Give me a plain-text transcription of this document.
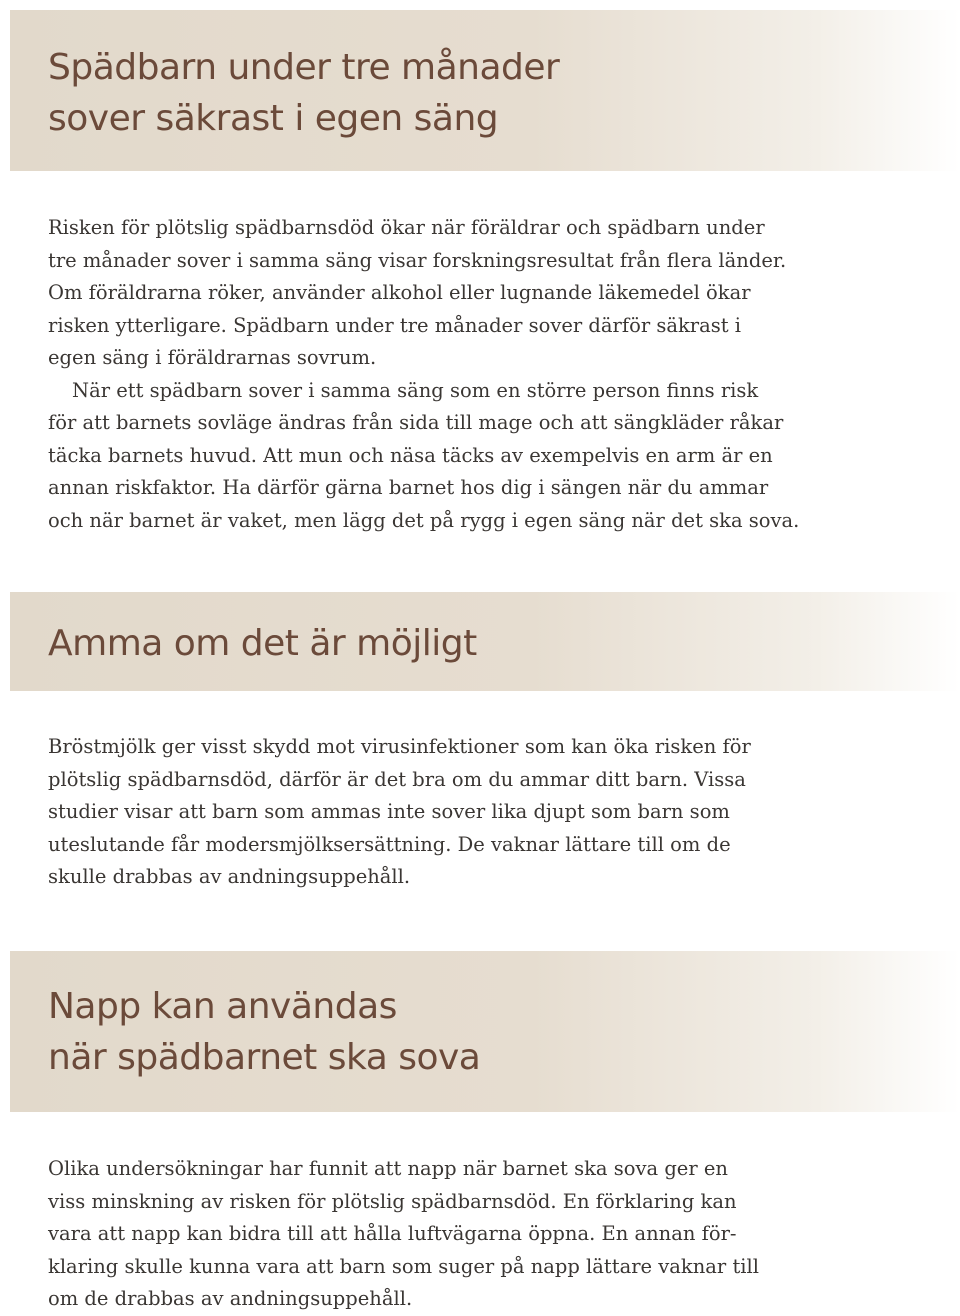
Spädbarn under tre månader
sover säkrast i egen säng
Risken för plötslig spädbarnsdöd ökar när föräldrar och spädbarn under
tre månader sover i samma säng visar forskningsresultat från flera länder.
Om föräldrarna röker, använder alkohol eller lugnande läkemedel ökar
risken ytterligare. Spädbarn under tre månader sover därför säkrast i
egen säng i föräldrarnas sovrum.
När ett spädbarn sover i samma säng som en större person finns risk
för att barnets sovläge ändras från sida till mage och att sängkläder råkar
täcka barnets huvud. Att mun och näsa täcks av exempelvis en arm är en
annan riskfaktor. Ha därför gärna barnet hos dig i sängen när du ammar
och när barnet är vaket, men lägg det på rygg i egen säng när det ska sova.
Amma om det är möjligt
Bröstmjölk ger visst skydd mot virusinfektioner som kan öka risken för
plötslig spädbarnsdöd, därför är det bra om du ammar ditt barn. Vissa
studier visar att barn som ammas inte sover lika djupt som barn som
uteslutande får modersmjölksersättning. De vaknar lättare till om de
skulle drabbas av andningsuppehåll.
Napp kan användas
när spädbarnet ska sova
Olika undersökningar har funnit att napp när barnet ska sova ger en
viss minskning av risken för plötslig spädbarnsdöd. En förklaring kan
vara att napp kan bidra till att hålla luftvägarna öppna. En annan för-
klaring skulle kunna vara att barn som suger på napp lättare vaknar till
om de drabbas av andningsuppehåll.
